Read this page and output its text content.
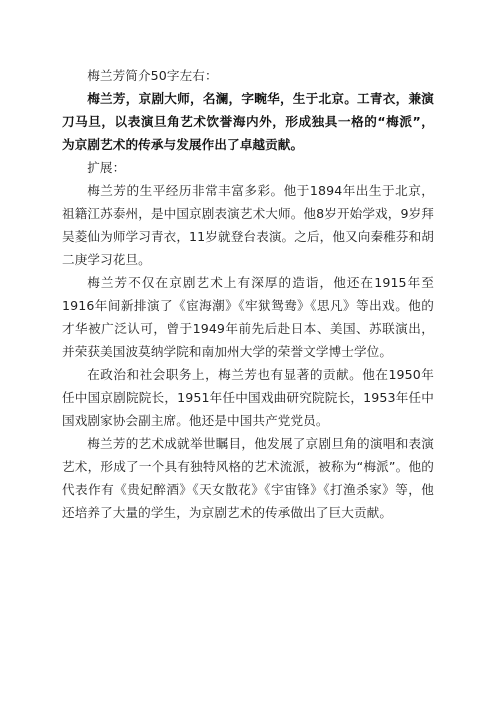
梅兰芳简介50字左右：

梅兰芳，京剧大师，名澜，字畹华，生于北京。工青衣，兼演刀马旦，以表演旦角艺术饮誉海内外，形成独具一格的“梅派”，为京剧艺术的传承与发展作出了卓越贡献。

扩展：

梅兰芳的生平经历非常丰富多彩。他于1894年出生于北京，祖籍江苏泰州，是中国京剧表演艺术大师。他8岁开始学戏，9岁拜吴菱仙为师学习青衣，11岁就登台表演。之后，他又向秦稚芬和胡二庚学习花旦。

梅兰芳不仅在京剧艺术上有深厚的造诣，他还在1915年至1916年间新排演了《宦海潮》《牢狱鸳鸯》《思凡》等出戏。他的才华被广泛认可，曾于1949年前先后赴日本、美国、苏联演出，并荣获美国波莫纳学院和南加州大学的荣誉文学博士学位。

在政治和社会职务上，梅兰芳也有显著的贡献。他在1950年任中国京剧院院长，1951年任中国戏曲研究院院长，1953年任中国戏剧家协会副主席。他还是中国共产党党员。

梅兰芳的艺术成就举世瞩目，他发展了京剧旦角的演唱和表演艺术，形成了一个具有独特风格的艺术流派，被称为“梅派”。他的代表作有《贵妃醉酒》《天女散花》《宇宙锋》《打渔杀家》等，他还培养了大量的学生，为京剧艺术的传承做出了巨大贡献。
